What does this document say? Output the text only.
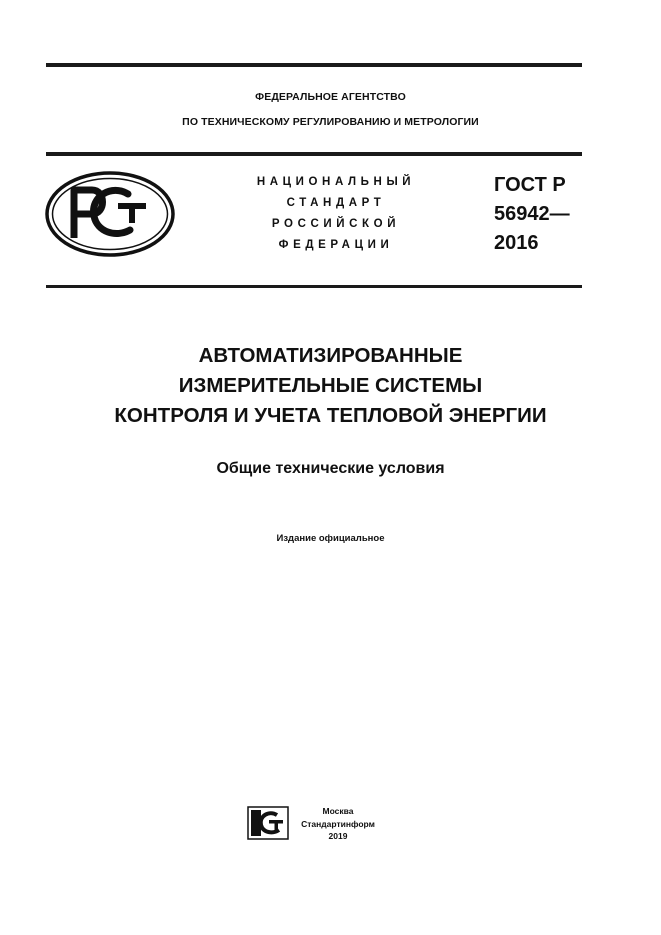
ФЕДЕРАЛЬНОЕ АГЕНТСТВО
ПО ТЕХНИЧЕСКОМУ РЕГУЛИРОВАНИЮ И МЕТРОЛОГИИ
НАЦИОНАЛЬНЫЙ
СТАНДАРТ
РОССИЙСКОЙ
ФЕДЕРАЦИИ
ГОСТ Р
56942—
2016
АВТОМАТИЗИРОВАННЫЕ
ИЗМЕРИТЕЛЬНЫЕ СИСТЕМЫ
КОНТРОЛЯ И УЧЕТА ТЕПЛОВОЙ ЭНЕРГИИ
Общие технические условия
Издание официальное
Москва
Стандартинформ
2019
